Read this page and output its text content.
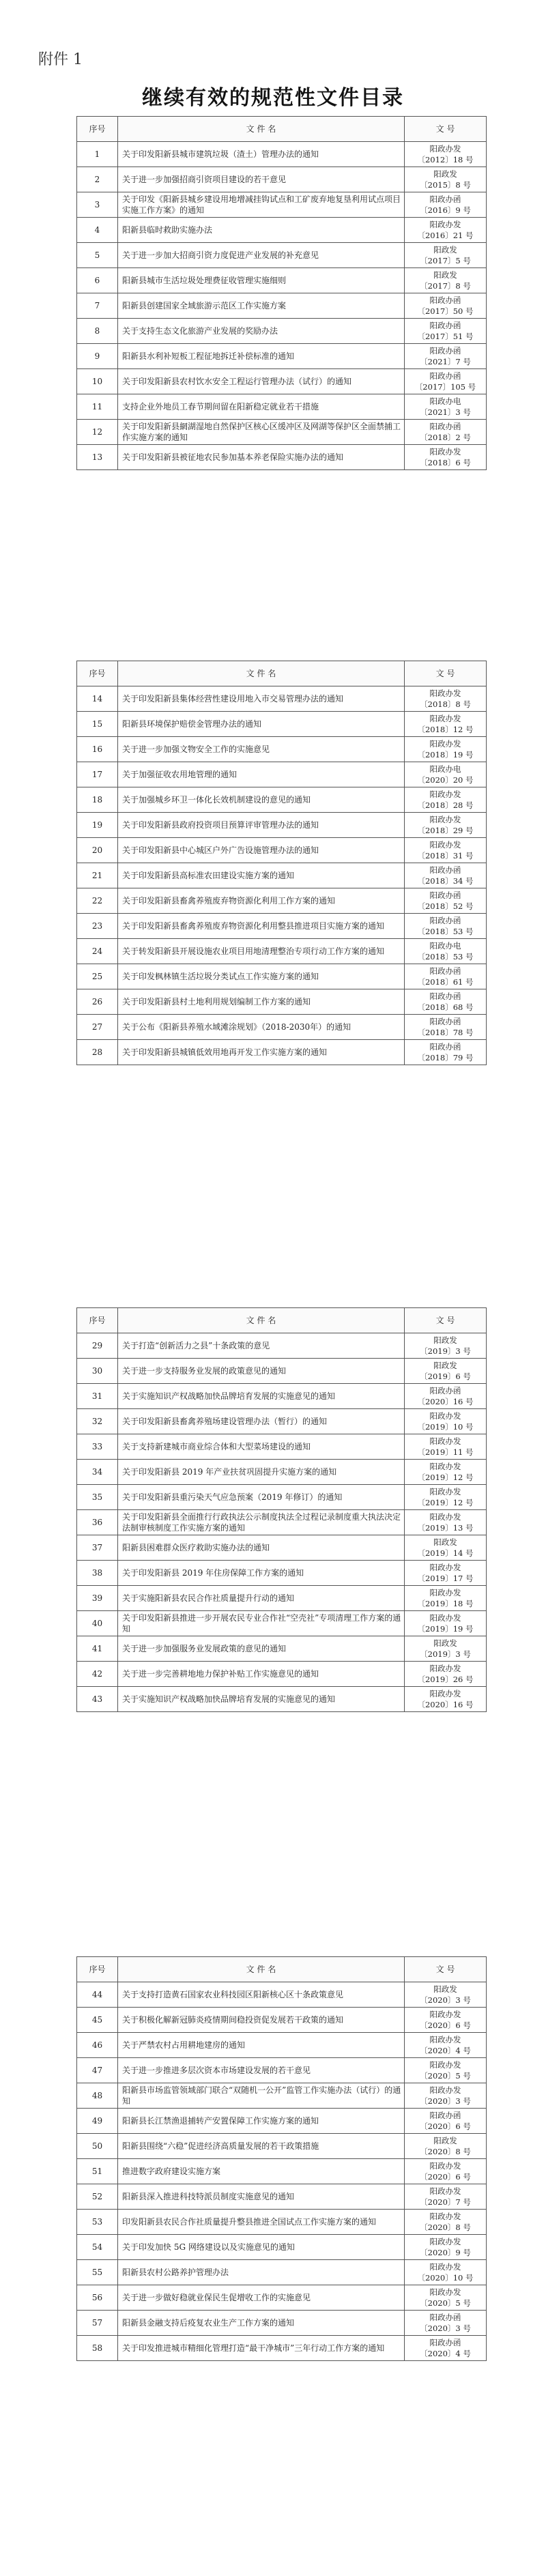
附件 1
继续有效的规范性文件目录
序号	文 件 名	文 号
1	关于印发阳新县城市建筑垃圾（渣土）管理办法的通知	阳政办发
〔2012〕18 号

2	关于进一步加强招商引资项目建设的若干意见	阳政发
〔2015〕8 号

3	关于印发《阳新县城乡建设用地增减挂钩试点和工矿废弃地复垦利用试点项目实施工作方案》的通知	阳政办函
〔2016〕9 号

4	阳新县临时救助实施办法	阳政办发
〔2016〕21 号

5	关于进一步加大招商引资力度促进产业发展的补充意见	阳政发
〔2017〕5 号

6	阳新县城市生活垃圾处理费征收管理实施细则	阳政发
〔2017〕8 号

7	阳新县创建国家全域旅游示范区工作实施方案	阳政办函
〔2017〕50 号

8	关于支持生态文化旅游产业发展的奖励办法	阳政办函
〔2017〕51 号

9	阳新县水利补短板工程征地拆迁补偿标准的通知	阳政办函
〔2021〕7 号

10	关于印发阳新县农村饮水安全工程运行管理办法（试行）的通知	阳政办函
〔2017〕105 号

11	支持企业外地员工春节期间留在阳新稳定就业若干措施	阳政办电
〔2021〕3 号

12	关于印发阳新县網湖湿地自然保护区核心区缓冲区及网湖等保护区全面禁捕工作实施方案的通知	阳政办函
〔2018〕2 号

13	关于印发阳新县被征地农民参加基本养老保险实施办法的通知	阳政办发
〔2018〕6 号
序号	文 件 名	文 号
14	关于印发阳新县集体经营性建设用地入市交易管理办法的通知	阳政办发
〔2018〕8 号

15	阳新县环境保护赔偿金管理办法的通知	阳政办发
〔2018〕12 号

16	关于进一步加强文物安全工作的实施意见	阳政办发
〔2018〕19 号

17	关于加强征收农用地管理的通知	阳政办电
〔2020〕20 号

18	关于加强城乡环卫一体化长效机制建设的意见的通知	阳政办发
〔2018〕28 号

19	关于印发阳新县政府投资项目预算评审管理办法的通知	阳政办发
〔2018〕29 号

20	关于印发阳新县中心城区户外广告设施管理办法的通知	阳政办发
〔2018〕31 号

21	关于印发阳新县高标准农田建设实施方案的通知	阳政办函
〔2018〕34 号

22	关于印发阳新县畜禽养殖废弃物资源化利用工作方案的通知	阳政办函
〔2018〕52 号

23	关于印发阳新县畜禽养殖废弃物资源化利用整县推进项目实施方案的通知	阳政办函
〔2018〕53 号

24	关于转发阳新县开展设施农业项目用地清理整治专项行动工作方案的通知	阳政办电
〔2018〕53 号

25	关于印发枫林镇生活垃圾分类试点工作实施方案的通知	阳政办函
〔2018〕61 号

26	关于印发阳新县村土地利用规划编制工作方案的通知	阳政办函
〔2018〕68 号

27	关于公布《阳新县养殖水域滩涂规划》（2018-2030年）的通知	阳政办函
〔2018〕78 号

28	关于印发阳新县城镇低效用地再开发工作实施方案的通知	阳政办函
〔2018〕79 号
序号	文 件 名	文 号
29	关于打造“创新活力之县”十条政策的意见	阳政发
〔2019〕3 号

30	关于进一步支持服务业发展的政策意见的通知	阳政发
〔2019〕6 号

31	关于实施知识产权战略加快品牌培育发展的实施意见的通知	阳政办函
〔2020〕16 号

32	关于印发阳新县畜禽养殖场建设管理办法（暂行）的通知	阳政办发
〔2019〕10 号

33	关于支持新建城市商业综合体和大型菜场建设的通知	阳政办发
〔2019〕11 号

34	关于印发阳新县 2019 年产业扶贫巩固提升实施方案的通知	阳政办发
〔2019〕12 号

35	关于印发阳新县重污染天气应急预案（2019 年修订）的通知	阳政办发
〔2019〕12 号

36	关于印发阳新县全面推行行政执法公示制度执法全过程记录制度重大执法决定法制审核制度工作实施方案的通知	阳政办发
〔2019〕13 号

37	阳新县困难群众医疗救助实施办法的通知	阳政发
〔2019〕14 号

38	关于印发阳新县 2019 年住房保障工作方案的通知	阳政办发
〔2019〕17 号

39	关于实施阳新县农民合作社质量提升行动的通知	阳政办发
〔2019〕18 号

40	关于印发阳新县推进一步开展农民专业合作社“空壳社”专项清理工作方案的通知	阳政办发
〔2019〕19 号

41	关于进一步加强服务业发展政策的意见的通知	阳政发
〔2019〕3 号

42	关于进一步完善耕地地力保护补贴工作实施意见的通知	阳政办发
〔2019〕26 号

43	关于实施知识产权战略加快品牌培育发展的实施意见的通知	阳政办发
〔2020〕16 号
序号	文 件 名	文 号
44	关于支持打造黄石国家农业科技园区阳新核心区十条政策意见	阳政发
〔2020〕3 号

45	关于积极化解新冠肺炎疫情期间稳投资促发展若干政策的通知	阳政办发
〔2020〕6 号

46	关于严禁农村占用耕地建房的通知	阳政办发
〔2020〕4 号

47	关于进一步推进多层次资本市场建设发展的若干意见	阳政办发
〔2020〕5 号

48	阳新县市场监管领域部门联合“双随机一公开”监管工作实施办法（试行）的通知	阳政办发
〔2020〕3 号

49	阳新县长江禁渔退捕转产安置保障工作实施方案的通知	阳政办函
〔2020〕6 号

50	阳新县围绕“六稳”促进经济高质量发展的若干政策措施	阳政发
〔2020〕8 号

51	推进数字政府建设实施方案	阳政办发
〔2020〕6 号

52	阳新县深入推进科技特派员制度实施意见的通知	阳政办发
〔2020〕7 号

53	印发阳新县农民合作社质量提升整县推进全国试点工作实施方案的通知	阳政办发
〔2020〕8 号

54	关于印发加快 5G 网络建设以及实施意见的通知	阳政办发
〔2020〕9 号

55	阳新县农村公路养护管理办法	阳政办发
〔2020〕10 号

56	关于进一步做好稳就业保民生促增收工作的实施意见	阳政办发
〔2020〕5 号

57	阳新县金融支持后疫复农业生产工作方案的通知	阳政办函
〔2020〕3 号

58	关于印发推进城市精细化管理打造“最干净城市”三年行动工作方案的通知	阳政办函
〔2020〕4 号
